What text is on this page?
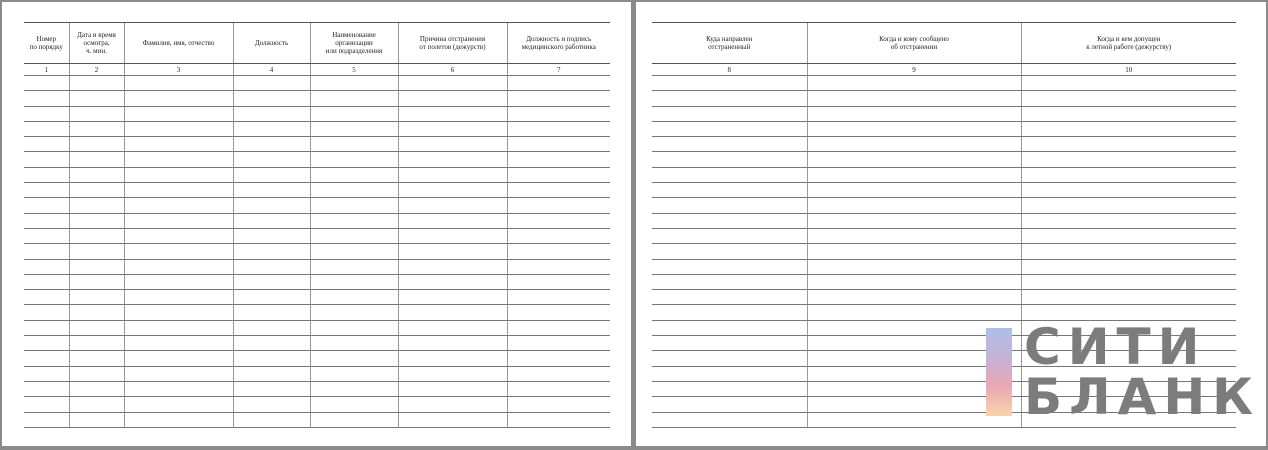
Номер
по порядку	Дата и время
осмотра,
ч. мин.	Фамилия, имя, отчество	Должность	Наименование
организации
или подразделения	Причина отстранения
от полетов (дежурств)	Должность и подпись
медицинского работника
1	2	3	4	5	6	7

Куда направлен
отстраненный	Когда и кому сообщено
об отстранении	Когда и кем допущен
к летной работе (дежурству)
8	9	10

СИТИ
БЛАНК
